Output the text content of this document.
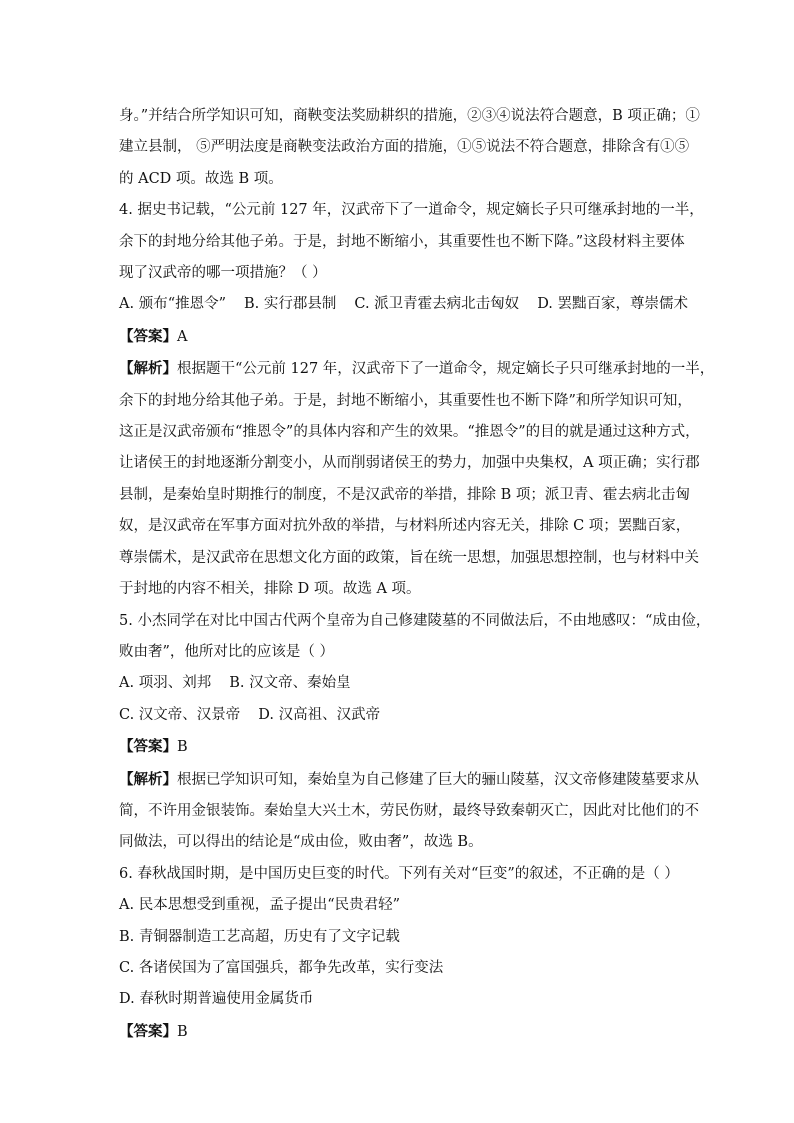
身。”并结合所学知识可知，商鞅变法奖励耕织的措施，②③④说法符合题意，B 项正确；①

建立县制， ⑤严明法度是商鞅变法政治方面的措施，①⑤说法不符合题意，排除含有①⑤

的 ACD 项。故选 B 项。

4. 据史书记载，“公元前 127 年，汉武帝下了一道命令，规定嫡长子只可继承封地的一半，

余下的封地分给其他子弟。于是，封地不断缩小，其重要性也不断下降。”这段材料主要体

现了汉武帝的哪一项措施？（ ）

A. 颁布“推恩令” B. 实行郡县制 C. 派卫青霍去病北击匈奴 D. 罢黜百家，尊崇儒术

【答案】A

【解析】根据题干“公元前 127 年，汉武帝下了一道命令，规定嫡长子只可继承封地的一半，

余下的封地分给其他子弟。于是，封地不断缩小，其重要性也不断下降”和所学知识可知，

这正是汉武帝颁布“推恩令”的具体内容和产生的效果。“推恩令”的目的就是通过这种方式，

让诸侯王的封地逐渐分割变小，从而削弱诸侯王的势力，加强中央集权，A 项正确；实行郡

县制，是秦始皇时期推行的制度，不是汉武帝的举措，排除 B 项；派卫青、霍去病北击匈

奴，是汉武帝在军事方面对抗外敌的举措，与材料所述内容无关，排除 C 项；罢黜百家，

尊崇儒术，是汉武帝在思想文化方面的政策，旨在统一思想，加强思想控制，也与材料中关

于封地的内容不相关，排除 D 项。故选 A 项。

5. 小杰同学在对比中国古代两个皇帝为自己修建陵墓的不同做法后，不由地感叹：“成由俭，

败由奢”，他所对比的应该是（ ）

A. 项羽、刘邦 B. 汉文帝、秦始皇

C. 汉文帝、汉景帝 D. 汉高祖、汉武帝

【答案】B

【解析】根据已学知识可知，秦始皇为自己修建了巨大的骊山陵墓，汉文帝修建陵墓要求从

简，不许用金银装饰。秦始皇大兴土木，劳民伤财，最终导致秦朝灭亡，因此对比他们的不

同做法，可以得出的结论是“成由俭，败由奢”，故选 B。

6. 春秋战国时期，是中国历史巨变的时代。下列有关对“巨变”的叙述，不正确的是（ ）

A. 民本思想受到重视，孟子提出“民贵君轻”

B. 青铜器制造工艺高超，历史有了文字记载

C. 各诸侯国为了富国强兵，都争先改革，实行变法

D. 春秋时期普遍使用金属货币

【答案】B
